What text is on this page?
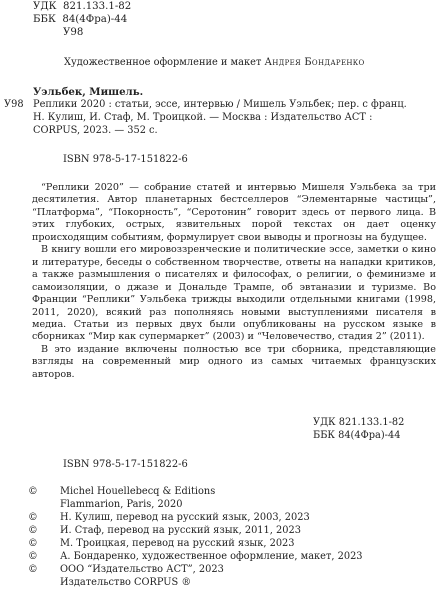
УДК 821.133.1-82
ББК 84(4Фра)-44
У98
Художественное оформление и макет Андрея Бондаренко
Уэльбек, Мишель.
У98 Реплики 2020 : статьи, эссе, интервью / Мишель Уэльбек; пер. с франц.
Н. Кулиш, И. Стаф, М. Троицкой. — Москва : Издательство АСТ :
CORPUS, 2023. — 352 с.
ISBN 978-5-17-151822-6

“Реплики 2020” — собрание статей и интервью Мишеля Уэльбека за три десятилетия. Автор планетарных бестселлеров “Элементарные частицы”, “Платформа”, “Покорность”, “Серотонин” говорит здесь от первого лица. В этих глубоких, острых, язвительных порой текстах он дает оценку происходящим событиям, формулирует свои выводы и прогнозы на будущее.

В книгу вошли его мировоззренческие и политические эссе, заметки о кино и литературе, беседы о собственном творчестве, ответы на нападки критиков, а также размышления о писателях и философах, о религии, о феминизме и самоизоляции, о джазе и Дональде Трампе, об эвтаназии и туризме. Во Франции “Реплики” Уэльбека трижды выходили отдельными книгами (1998, 2011, 2020), всякий раз пополняясь новыми выступлениями писателя в медиа. Статьи из первых двух были опубликованы на русском языке в сборниках “Мир как супермаркет” (2003) и “Человечество, стадия 2” (2011).

В это издание включены полностью все три сборника, представляющие взгляды на современный мир одного из самых читаемых французских авторов.

УДК 821.133.1-82
ББК 84(4Фра)-44
ISBN 978-5-17-151822-6
© Michel Houellebecq & Editions
Flammarion, Paris, 2020
© Н. Кулиш, перевод на русский язык, 2003, 2023
© И. Стаф, перевод на русский язык, 2011, 2023
© М. Троицкая, перевод на русский язык, 2023
© А. Бондаренко, художественное оформление, макет, 2023
© ООО “Издательство АСТ”, 2023
Издательство CORPUS ®
